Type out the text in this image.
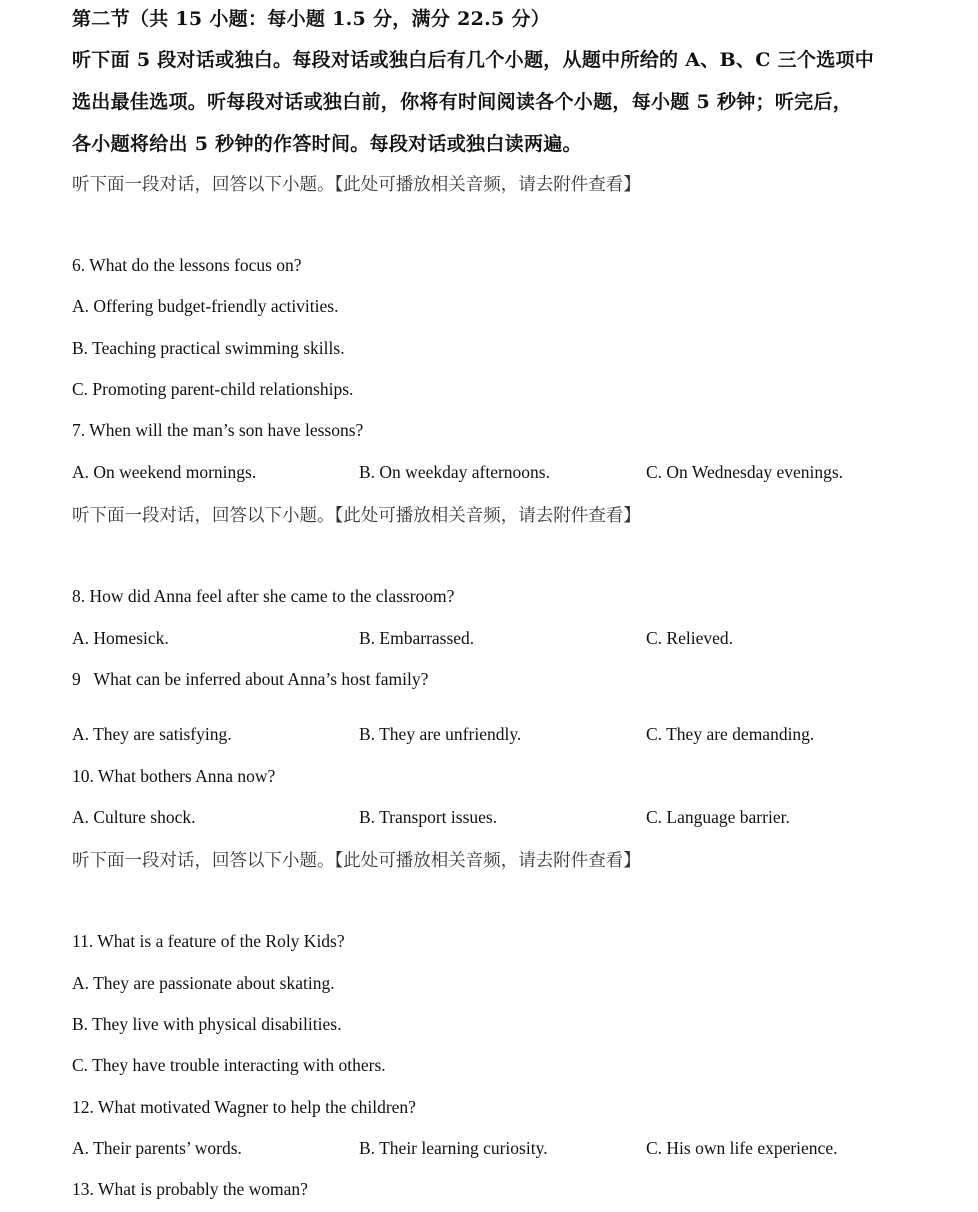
第二节（共 15 小题：每小题 1.5 分，满分 22.5 分）
听下面 5 段对话或独白。每段对话或独白后有几个小题，从题中所给的 A、B、C 三个选项中
选出最佳选项。听每段对话或独白前，你将有时间阅读各个小题，每小题 5 秒钟；听完后，
各小题将给出 5 秒钟的作答时间。每段对话或独白读两遍。
听下面一段对话，回答以下小题。【此处可播放相关音频，请去附件查看】
6. What do the lessons focus on?
A. Offering budget-friendly activities.
B. Teaching practical swimming skills.
C. Promoting parent-child relationships.
7. When will the man’s son have lessons?
A. On weekend mornings.	B. On weekday afternoons.	C. On Wednesday evenings.
听下面一段对话，回答以下小题。【此处可播放相关音频，请去附件查看】
8. How did Anna feel after she came to the classroom?
A. Homesick.	B. Embarrassed.	C. Relieved.
9   What can be inferred about Anna’s host family?
A. They are satisfying.	B. They are unfriendly.	C. They are demanding.
10. What bothers Anna now?
A. Culture shock.	B. Transport issues.	C. Language barrier.
听下面一段对话，回答以下小题。【此处可播放相关音频，请去附件查看】
11. What is a feature of the Roly Kids?
A. They are passionate about skating.
B. They live with physical disabilities.
C. They have trouble interacting with others.
12. What motivated Wagner to help the children?
A. Their parents’ words.	B. Their learning curiosity.	C. His own life experience.
13. What is probably the woman?
